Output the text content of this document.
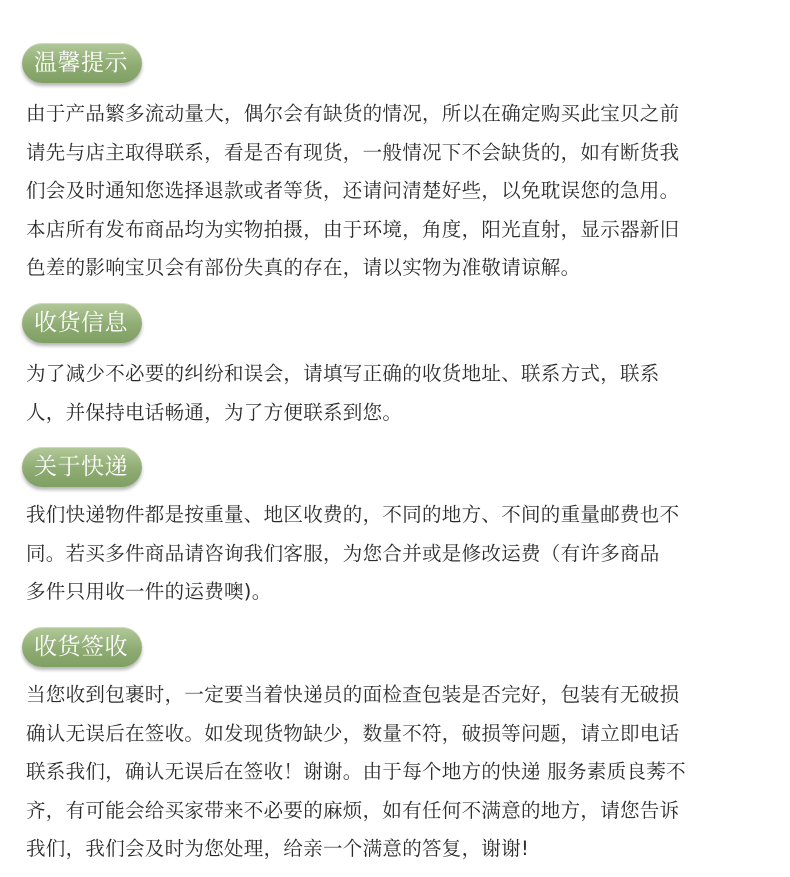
温馨提示
由于产品繁多流动量大，偶尔会有缺货的情况，所以在确定购买此宝贝之前
请先与店主取得联系，看是否有现货，一般情况下不会缺货的，如有断货我
们会及时通知您选择退款或者等货，还请问清楚好些，以免耽误您的急用。
本店所有发布商品均为实物拍摄，由于环境，角度，阳光直射，显示器新旧
色差的影响宝贝会有部份失真的存在，请以实物为准敬请谅解。
收货信息
为了减少不必要的纠纷和误会，请填写正确的收货地址、联系方式，联系
人，并保持电话畅通，为了方便联系到您。
关于快递
我们快递物件都是按重量、地区收费的，不同的地方、不间的重量邮费也不
同。若买多件商品请咨询我们客服，为您合并或是修改运费（有许多商品
多件只用收一件的运费噢)。
收货签收
当您收到包裹时，一定要当着快递员的面检查包装是否完好，包装有无破损
确认无误后在签收。如发现货物缺少，数量不符，破损等问题，请立即电话
联系我们，确认无误后在签收！谢谢。由于每个地方的快递 服务素质良莠不
齐，有可能会给买家带来不必要的麻烦，如有任何不满意的地方，请您告诉
我们，我们会及时为您处理，给亲一个满意的答复，谢谢!
